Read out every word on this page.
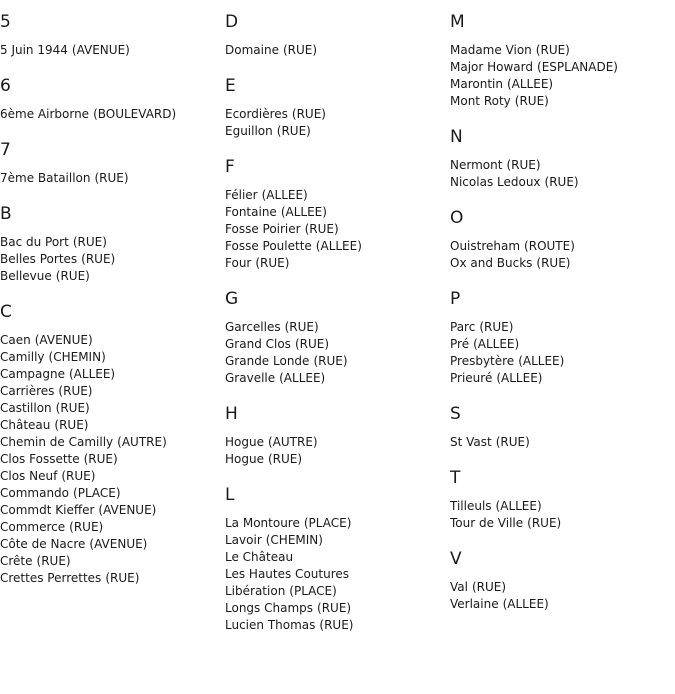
5
5 Juin 1944 (AVENUE)
6
6ème Airborne (BOULEVARD)
7
7ème Bataillon (RUE)
B
Bac du Port (RUE)
Belles Portes (RUE)
Bellevue (RUE)
C
Caen (AVENUE)
Camilly (CHEMIN)
Campagne (ALLEE)
Carrières (RUE)
Castillon (RUE)
Château (RUE)
Chemin de Camilly (AUTRE)
Clos Fossette (RUE)
Clos Neuf (RUE)
Commando (PLACE)
Commdt Kieffer (AVENUE)
Commerce (RUE)
Côte de Nacre (AVENUE)
Crête (RUE)
Crettes Perrettes (RUE)
D
Domaine (RUE)
E
Ecordières (RUE)
Eguillon (RUE)
F
Félier (ALLEE)
Fontaine (ALLEE)
Fosse Poirier (RUE)
Fosse Poulette (ALLEE)
Four (RUE)
G
Garcelles (RUE)
Grand Clos (RUE)
Grande Londe (RUE)
Gravelle (ALLEE)
H
Hogue (AUTRE)
Hogue (RUE)
L
La Montoure (PLACE)
Lavoir (CHEMIN)
Le Château
Les Hautes Coutures
Libération (PLACE)
Longs Champs (RUE)
Lucien Thomas (RUE)
M
Madame Vion (RUE)
Major Howard (ESPLANADE)
Marontin (ALLEE)
Mont Roty (RUE)
N
Nermont (RUE)
Nicolas Ledoux (RUE)
O
Ouistreham (ROUTE)
Ox and Bucks (RUE)
P
Parc (RUE)
Pré (ALLEE)
Presbytère (ALLEE)
Prieuré (ALLEE)
S
St Vast (RUE)
T
Tilleuls (ALLEE)
Tour de Ville (RUE)
V
Val (RUE)
Verlaine (ALLEE)
